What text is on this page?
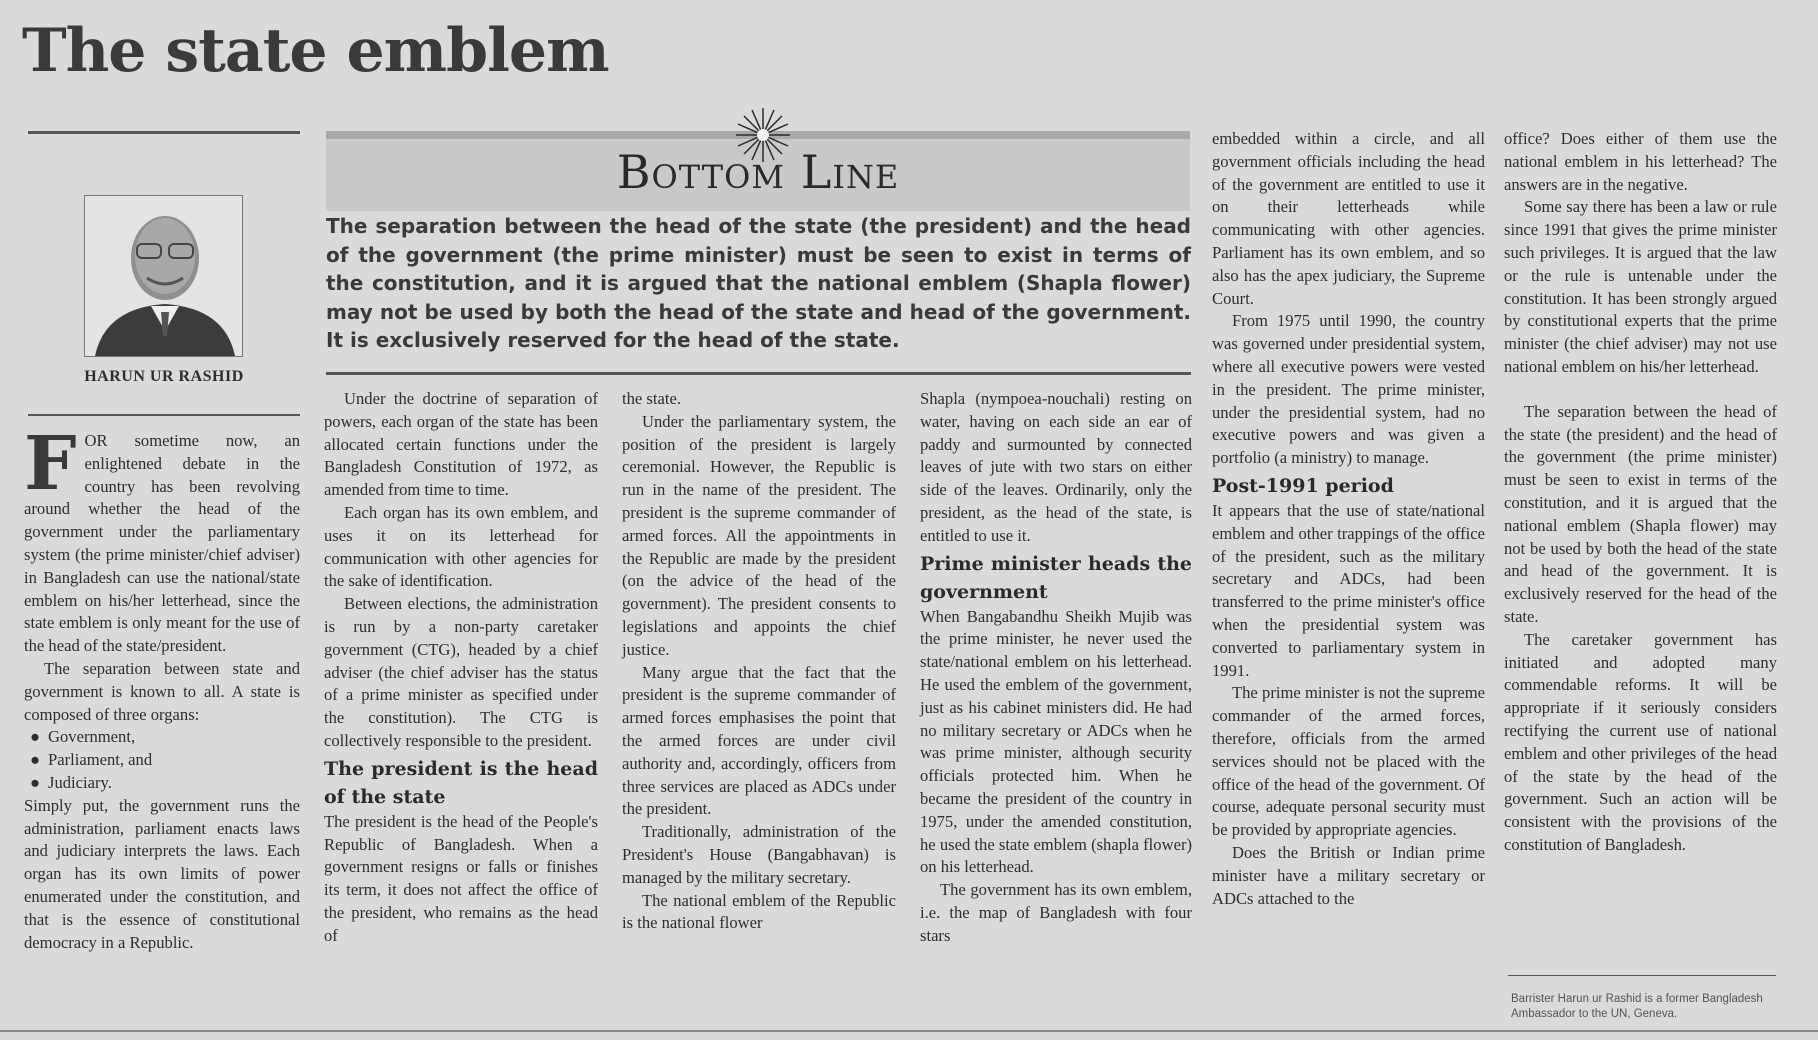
The state emblem
HARUN UR RASHID

FOR sometime now, an enlightened debate in the country has been revolving around whether the head of the government under the parliamentary system (the prime minister/chief adviser) in Bangladesh can use the national/state emblem on his/her letterhead, since the state emblem is only meant for the use of the head of the state/president.

The separation between state and government is known to all. A state is composed of three organs:

● Government,
● Parliament, and
● Judiciary.

Simply put, the government runs the administration, parliament enacts laws and judiciary interprets the laws. Each organ has its own limits of power enumerated under the constitution, and that is the essence of constitutional democracy in a Republic.

Bottom Line
The separation between the head of the state (the president) and the head of the government (the prime minister) must be seen to exist in terms of the constitution, and it is argued that the national emblem (Shapla flower) may not be used by both the head of the state and head of the government. It is exclusively reserved for the head of the state.

Under the doctrine of separation of powers, each organ of the state has been allocated certain functions under the Bangladesh Constitution of 1972, as amended from time to time.

Each organ has its own emblem, and uses it on its letterhead for communication with other agencies for the sake of identification.

Between elections, the administration is run by a non-party caretaker government (CTG), headed by a chief adviser (the chief adviser has the status of a prime minister as specified under the constitution). The CTG is collectively responsible to the president.

The president is the head of the state

The president is the head of the People's Republic of Bangladesh. When a government resigns or falls or finishes its term, it does not affect the office of the president, who remains as the head of

the state.

Under the parliamentary system, the position of the president is largely ceremonial. However, the Republic is run in the name of the president. The president is the supreme commander of armed forces. All the appointments in the Republic are made by the president (on the advice of the head of the government). The president consents to legislations and appoints the chief justice.

Many argue that the fact that the president is the supreme commander of armed forces emphasises the point that the armed forces are under civil authority and, accordingly, officers from three services are placed as ADCs under the president.

Traditionally, administration of the President's House (Bangabhavan) is managed by the military secretary.

The national emblem of the Republic is the national flower

Shapla (nympoea-nouchali) resting on water, having on each side an ear of paddy and surmounted by connected leaves of jute with two stars on either side of the leaves. Ordinarily, only the president, as the head of the state, is entitled to use it.

Prime minister heads the government

When Bangabandhu Sheikh Mujib was the prime minister, he never used the state/national emblem on his letterhead. He used the emblem of the government, just as his cabinet ministers did. He had no military secretary or ADCs when he was prime minister, although security officials protected him. When he became the president of the country in 1975, under the amended constitution, he used the state emblem (shapla flower) on his letterhead.

The government has its own emblem, i.e. the map of Bangladesh with four stars

embedded within a circle, and all government officials including the head of the government are entitled to use it on their letterheads while communicating with other agencies. Parliament has its own emblem, and so also has the apex judiciary, the Supreme Court.

From 1975 until 1990, the country was governed under presidential system, where all executive powers were vested in the president. The prime minister, under the presidential system, had no executive powers and was given a portfolio (a ministry) to manage.

Post-1991 period

It appears that the use of state/national emblem and other trappings of the office of the president, such as the military secretary and ADCs, had been transferred to the prime minister's office when the presidential system was converted to parliamentary system in 1991.

The prime minister is not the supreme commander of the armed forces, therefore, officials from the armed services should not be placed with the office of the head of the government. Of course, adequate personal security must be provided by appropriate agencies.

Does the British or Indian prime minister have a military secretary or ADCs attached to the

office? Does either of them use the national emblem in his letterhead? The answers are in the negative.

Some say there has been a law or rule since 1991 that gives the prime minister such privileges. It is argued that the law or the rule is untenable under the constitution. It has been strongly argued by constitutional experts that the prime minister (the chief adviser) may not use national emblem on his/her letterhead.

The separation between the head of the state (the president) and the head of the government (the prime minister) must be seen to exist in terms of the constitution, and it is argued that the national emblem (Shapla flower) may not be used by both the head of the state and head of the government. It is exclusively reserved for the head of the state.

The caretaker government has initiated and adopted many commendable reforms. It will be appropriate if it seriously considers rectifying the current use of national emblem and other privileges of the head of the state by the head of the government. Such an action will be consistent with the provisions of the constitution of Bangladesh.

Barrister Harun ur Rashid is a former Bangladesh Ambassador to the UN, Geneva.
